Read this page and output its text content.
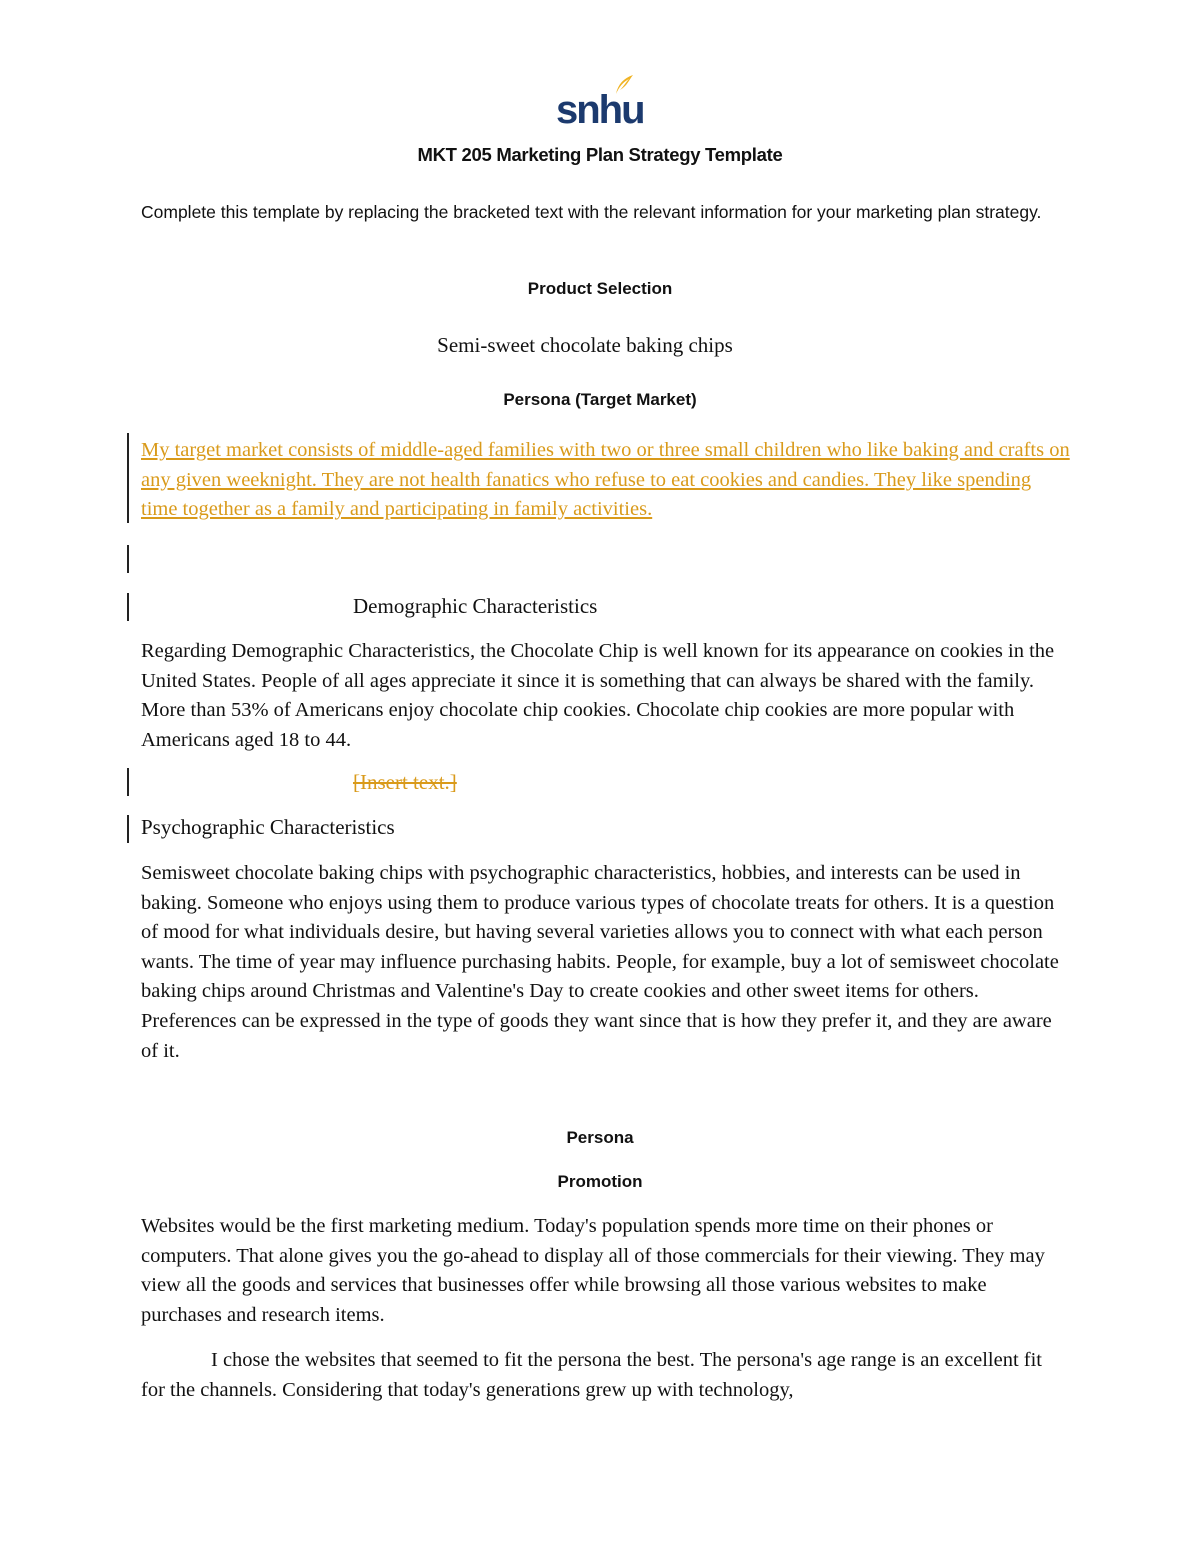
snhu
MKT 205 Marketing Plan Strategy Template
Complete this template by replacing the bracketed text with the relevant information for your marketing plan strategy.
Product Selection
Semi-sweet chocolate baking chips
Persona (Target Market)
My target market consists of middle-aged families with two or three small children who like baking and crafts on any given weeknight. They are not health fanatics who refuse to eat cookies and candies. They like spending time together as a family and participating in family activities.
Demographic Characteristics
Regarding Demographic Characteristics, the Chocolate Chip is well known for its appearance on cookies in the United States. People of all ages appreciate it since it is something that can always be shared with the family. More than 53% of Americans enjoy chocolate chip cookies. Chocolate chip cookies are more popular with Americans aged 18 to 44.
[Insert text.]
Psychographic Characteristics
Semisweet chocolate baking chips with psychographic characteristics, hobbies, and interests can be used in baking. Someone who enjoys using them to produce various types of chocolate treats for others. It is a question of mood for what individuals desire, but having several varieties allows you to connect with what each person wants. The time of year may influence purchasing habits. People, for example, buy a lot of semisweet chocolate baking chips around Christmas and Valentine's Day to create cookies and other sweet items for others. Preferences can be expressed in the type of goods they want since that is how they prefer it, and they are aware of it.
Persona
Promotion
Websites would be the first marketing medium. Today's population spends more time on their phones or computers. That alone gives you the go-ahead to display all of those commercials for their viewing. They may view all the goods and services that businesses offer while browsing all those various websites to make purchases and research items.
I chose the websites that seemed to fit the persona the best. The persona's age range is an excellent fit for the channels. Considering that today's generations grew up with technology,
